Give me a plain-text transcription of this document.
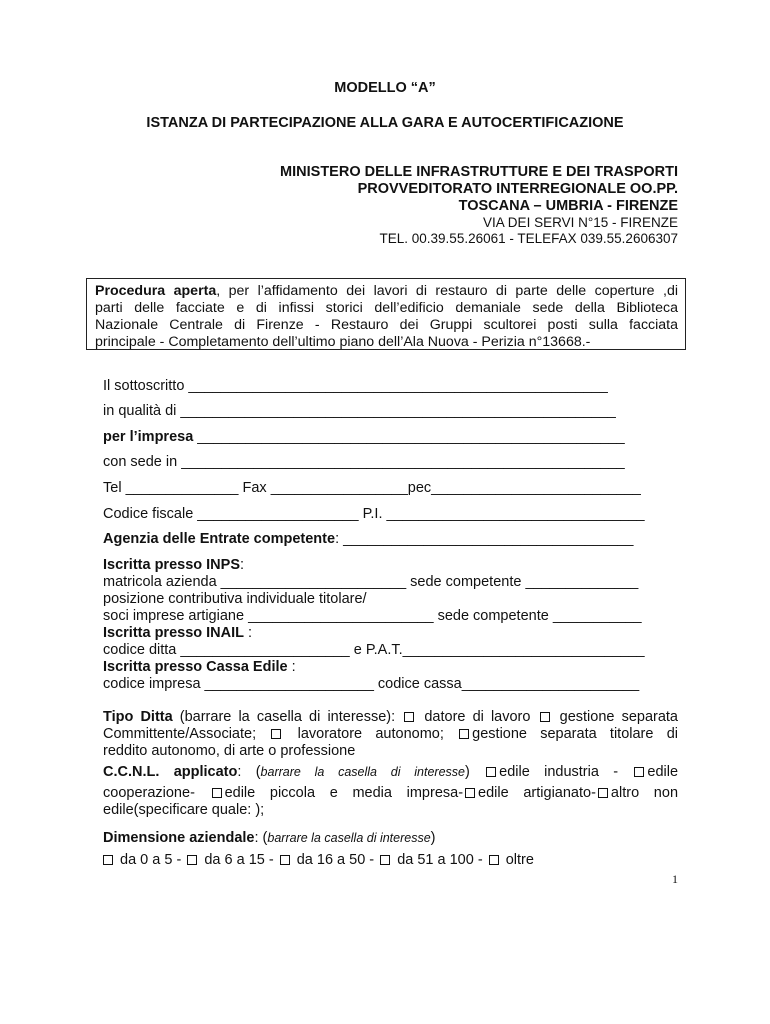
MODELLO “A”
ISTANZA DI PARTECIPAZIONE ALLA GARA E AUTOCERTIFICAZIONE
MINISTERO DELLE INFRASTRUTTURE E DEI TRASPORTI
PROVVEDITORATO INTERREGIONALE OO.PP.
TOSCANA – UMBRIA - FIRENZE
VIA DEI SERVI N°15 - FIRENZE
TEL. 00.39.55.26061 - TELEFAX 039.55.2606307
Procedura aperta, per l’affidamento dei lavori di restauro di parte delle coperture ,di
parti delle facciate e di infissi storici dell’edificio demaniale sede della Biblioteca
Nazionale Centrale di Firenze - Restauro dei Gruppi scultorei posti sulla facciata
principale - Completamento dell’ultimo piano dell’Ala Nuova - Perizia n°13668.-
Il sottoscritto ____________________________________________________
in qualità di ______________________________________________________
per l’impresa _____________________________________________________
con sede in _______________________________________________________
Tel ______________ Fax _________________pec__________________________
Codice fiscale ____________________ P.I. ________________________________
Agenzia delle Entrate competente: ____________________________________
Iscritta presso INPS:
matricola azienda _______________________ sede competente ______________
posizione contributiva individuale titolare/
soci imprese artigiane _______________________ sede competente ___________
Iscritta presso INAIL :
codice ditta _____________________ e P.A.T.______________________________
Iscritta presso Cassa Edile :
codice impresa _____________________ codice cassa______________________
Tipo Ditta (barrare la casella di interesse):  datore di lavoro  gestione separata
Committente/Associate;  lavoratore autonomo; gestione separata titolare di
reddito autonomo, di arte o professione
C.C.N.L. applicato: (barrare la casella di interesse) edile industria - edile
cooperazione- edile piccola e media impresa- edile artigianato- altro non
edile(specificare quale: );
Dimensione aziendale: (barrare la casella di interesse)
da 0 a 5 -  da 6 a 15 -  da 16 a 50 -  da 51 a 100 -  oltre
1
